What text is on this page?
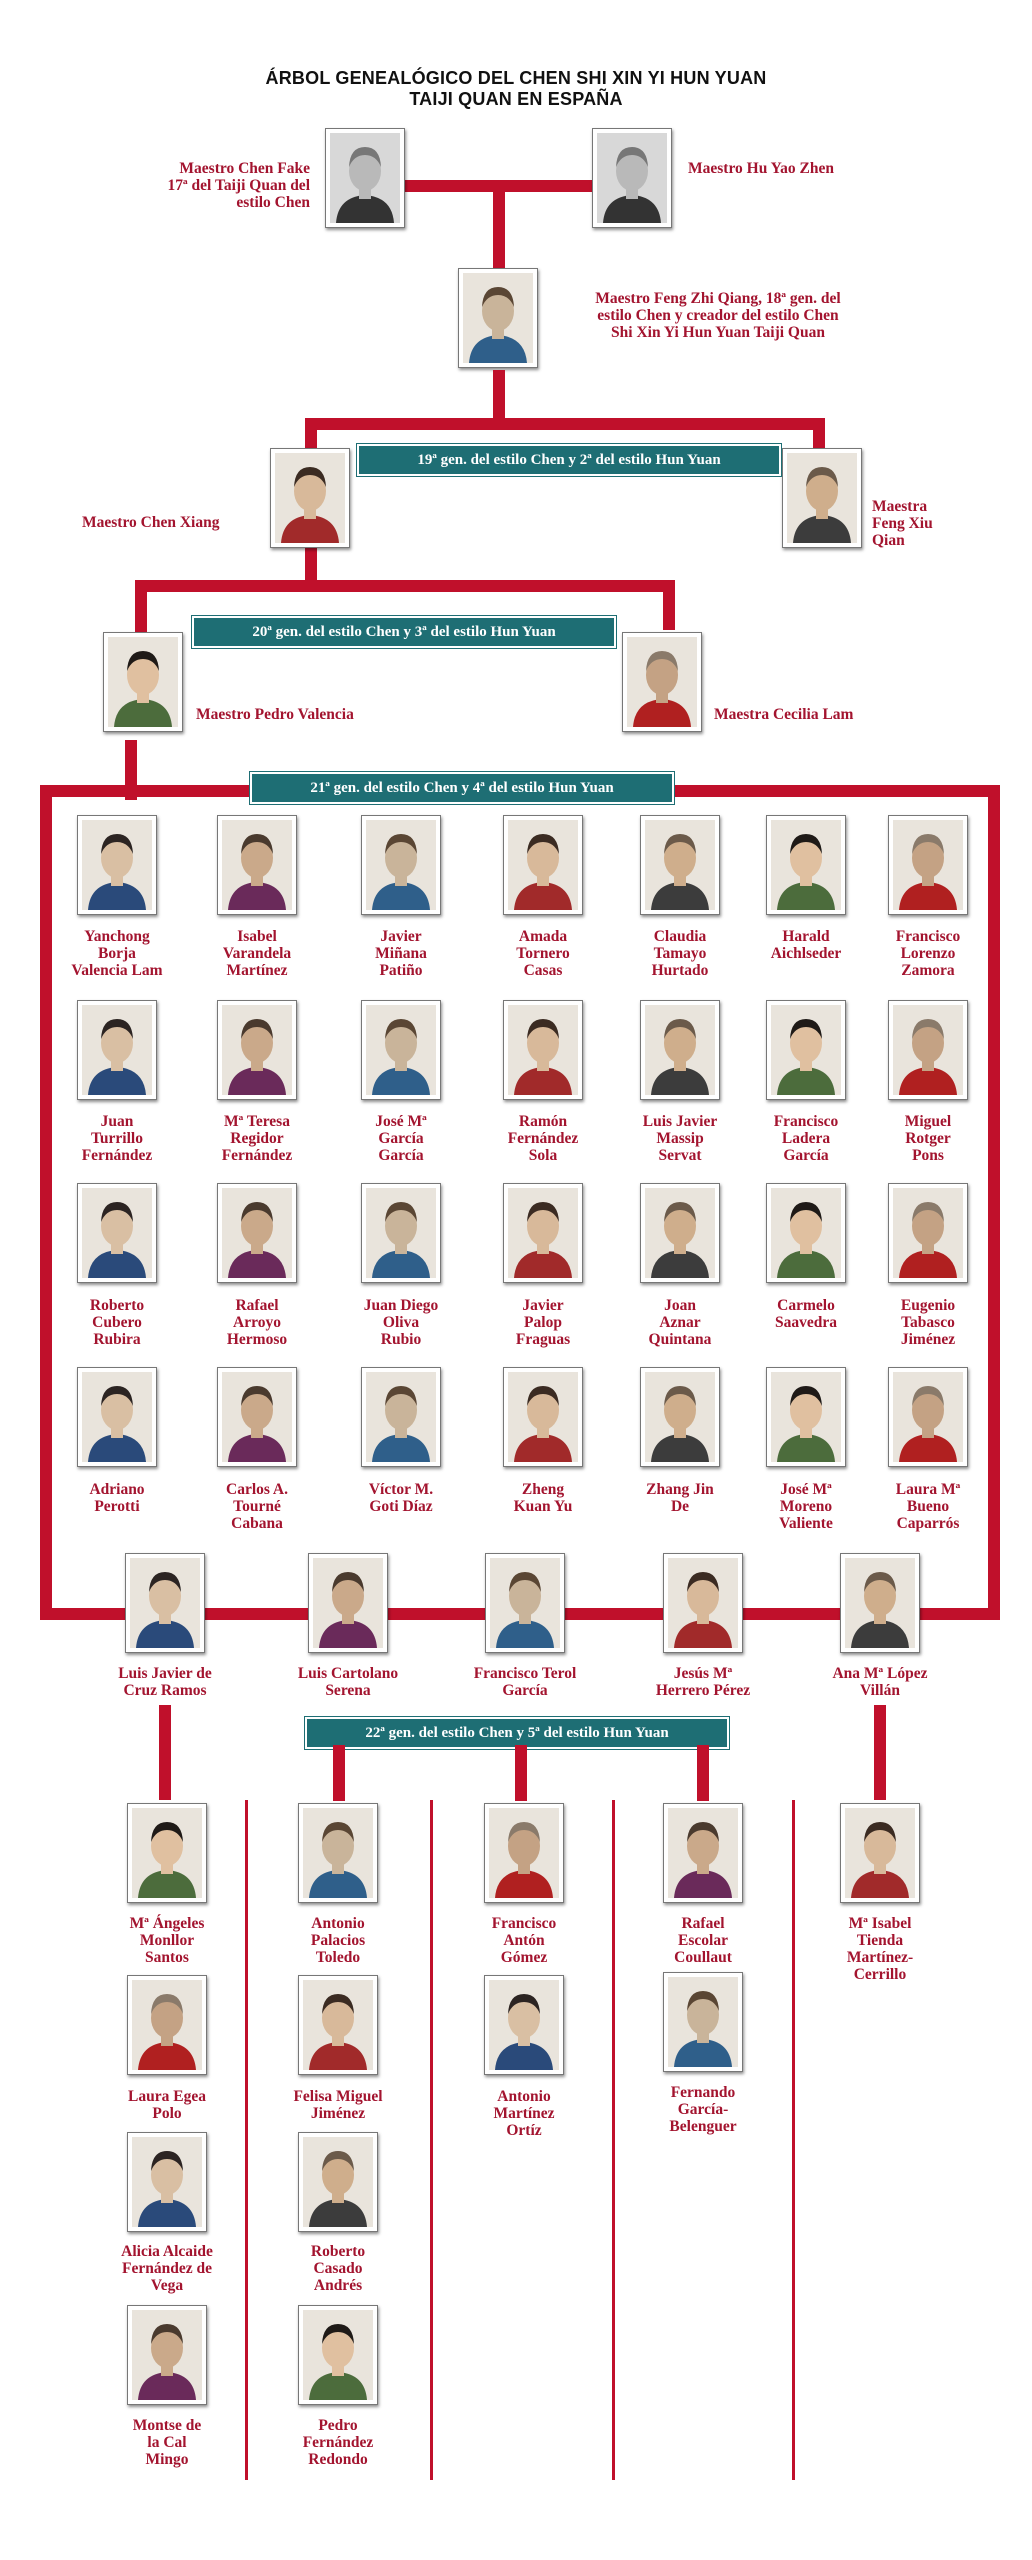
ÁRBOL GENEALÓGICO DEL CHEN SHI XIN YI HUN YUAN
TAIJI QUAN EN ESPAÑA
Maestro Chen Fake
17ª del Taiji Quan del
estilo Chen
Maestro Hu Yao Zhen
Maestro Feng Zhi Qiang, 18ª gen. del
estilo Chen y creador del estilo Chen
Shi Xin Yi Hun Yuan Taiji Quan
19ª gen. del estilo Chen y 2ª del estilo Hun Yuan
Maestro Chen Xiang
Maestra
Feng Xiu
Qian
20ª gen. del estilo Chen y 3ª del estilo Hun Yuan
Maestro Pedro Valencia	Maestra Cecilia Lam
21ª gen. del estilo Chen y 4ª del estilo Hun Yuan
Yanchong
Borja
Valencia Lam
Isabel
Varandela
Martínez
Javier
Miñana
Patiño
Amada
Tornero
Casas
Claudia
Tamayo
Hurtado
Harald
Aichlseder
Francisco
Lorenzo
Zamora
Juan
Turrillo
Fernández
Mª Teresa
Regidor
Fernández
José Mª
García
García
Ramón
Fernández
Sola
Luis Javier
Massip
Servat
Francisco
Ladera
García
Miguel
Rotger
Pons
Roberto
Cubero
Rubira
Rafael
Arroyo
Hermoso
Juan Diego
Oliva
Rubio
Javier
Palop
Fraguas
Joan
Aznar
Quintana
Carmelo
Saavedra
Eugenio
Tabasco
Jiménez
Adriano
Perotti
Carlos A.
Tourné
Cabana
Víctor M.
Goti Díaz
Zheng
Kuan Yu
Zhang Jin
De
José Mª
Moreno
Valiente
Laura Mª
Bueno
Caparrós
Luis Javier de
Cruz Ramos
Luis Cartolano
Serena
Francisco Terol
García
Jesús Mª
Herrero Pérez
Ana Mª López
Villán
22ª gen. del estilo Chen y 5ª del estilo Hun Yuan
Mª Ángeles
Monllor
Santos
Laura Egea
Polo
Alicia Alcaide
Fernández de
Vega
Montse de
la Cal
Mingo
Antonio
Palacios
Toledo
Felisa Miguel
Jiménez
Roberto
Casado
Andrés
Pedro
Fernández
Redondo
Francisco
Antón
Gómez
Antonio
Martínez
Ortíz
Rafael
Escolar
Coullaut
Fernando
García-
Belenguer
Mª Isabel
Tienda
Martínez-
Cerrillo
